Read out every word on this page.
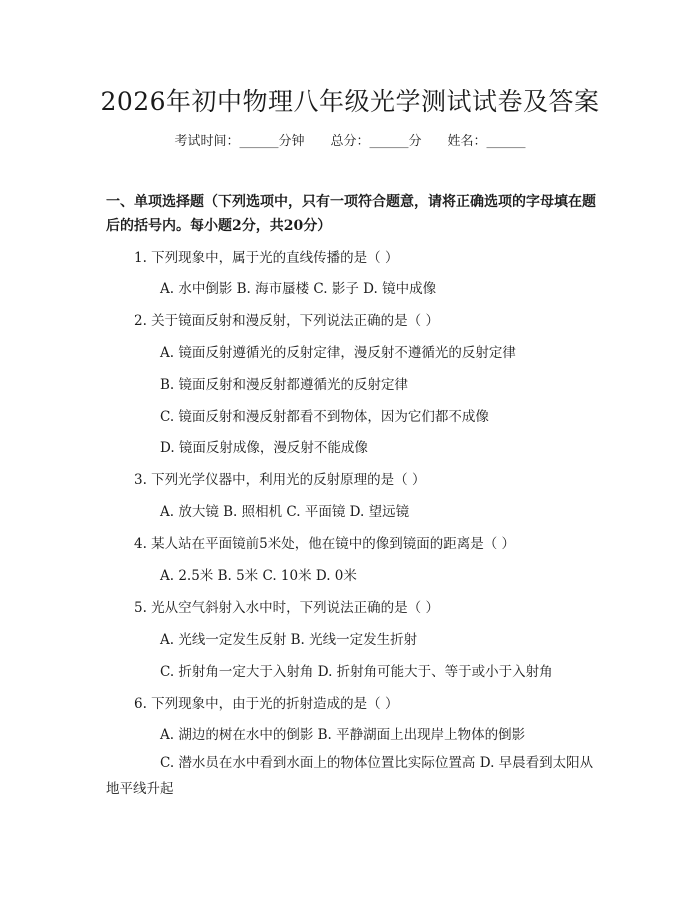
2026年初中物理八年级光学测试试卷及答案
考试时间：______分钟 总分：______分 姓名：______
一、单项选择题（下列选项中，只有一项符合题意，请将正确选项的字母填在题后的括号内。每小题2分，共20分）
1. 下列现象中，属于光的直线传播的是（ ）
A. 水中倒影 B. 海市蜃楼 C. 影子 D. 镜中成像
2. 关于镜面反射和漫反射，下列说法正确的是（ ）
A. 镜面反射遵循光的反射定律，漫反射不遵循光的反射定律
B. 镜面反射和漫反射都遵循光的反射定律
C. 镜面反射和漫反射都看不到物体，因为它们都不成像
D. 镜面反射成像，漫反射不能成像
3. 下列光学仪器中，利用光的反射原理的是（ ）
A. 放大镜 B. 照相机 C. 平面镜 D. 望远镜
4. 某人站在平面镜前5米处，他在镜中的像到镜面的距离是（ ）
A. 2.5米 B. 5米 C. 10米 D. 0米
5. 光从空气斜射入水中时，下列说法正确的是（ ）
A. 光线一定发生反射 B. 光线一定发生折射
C. 折射角一定大于入射角 D. 折射角可能大于、等于或小于入射角
6. 下列现象中，由于光的折射造成的是（ ）
A. 湖边的树在水中的倒影 B. 平静湖面上出现岸上物体的倒影
C. 潜水员在水中看到水面上的物体位置比实际位置高 D. 早晨看到太阳从地平线升起
